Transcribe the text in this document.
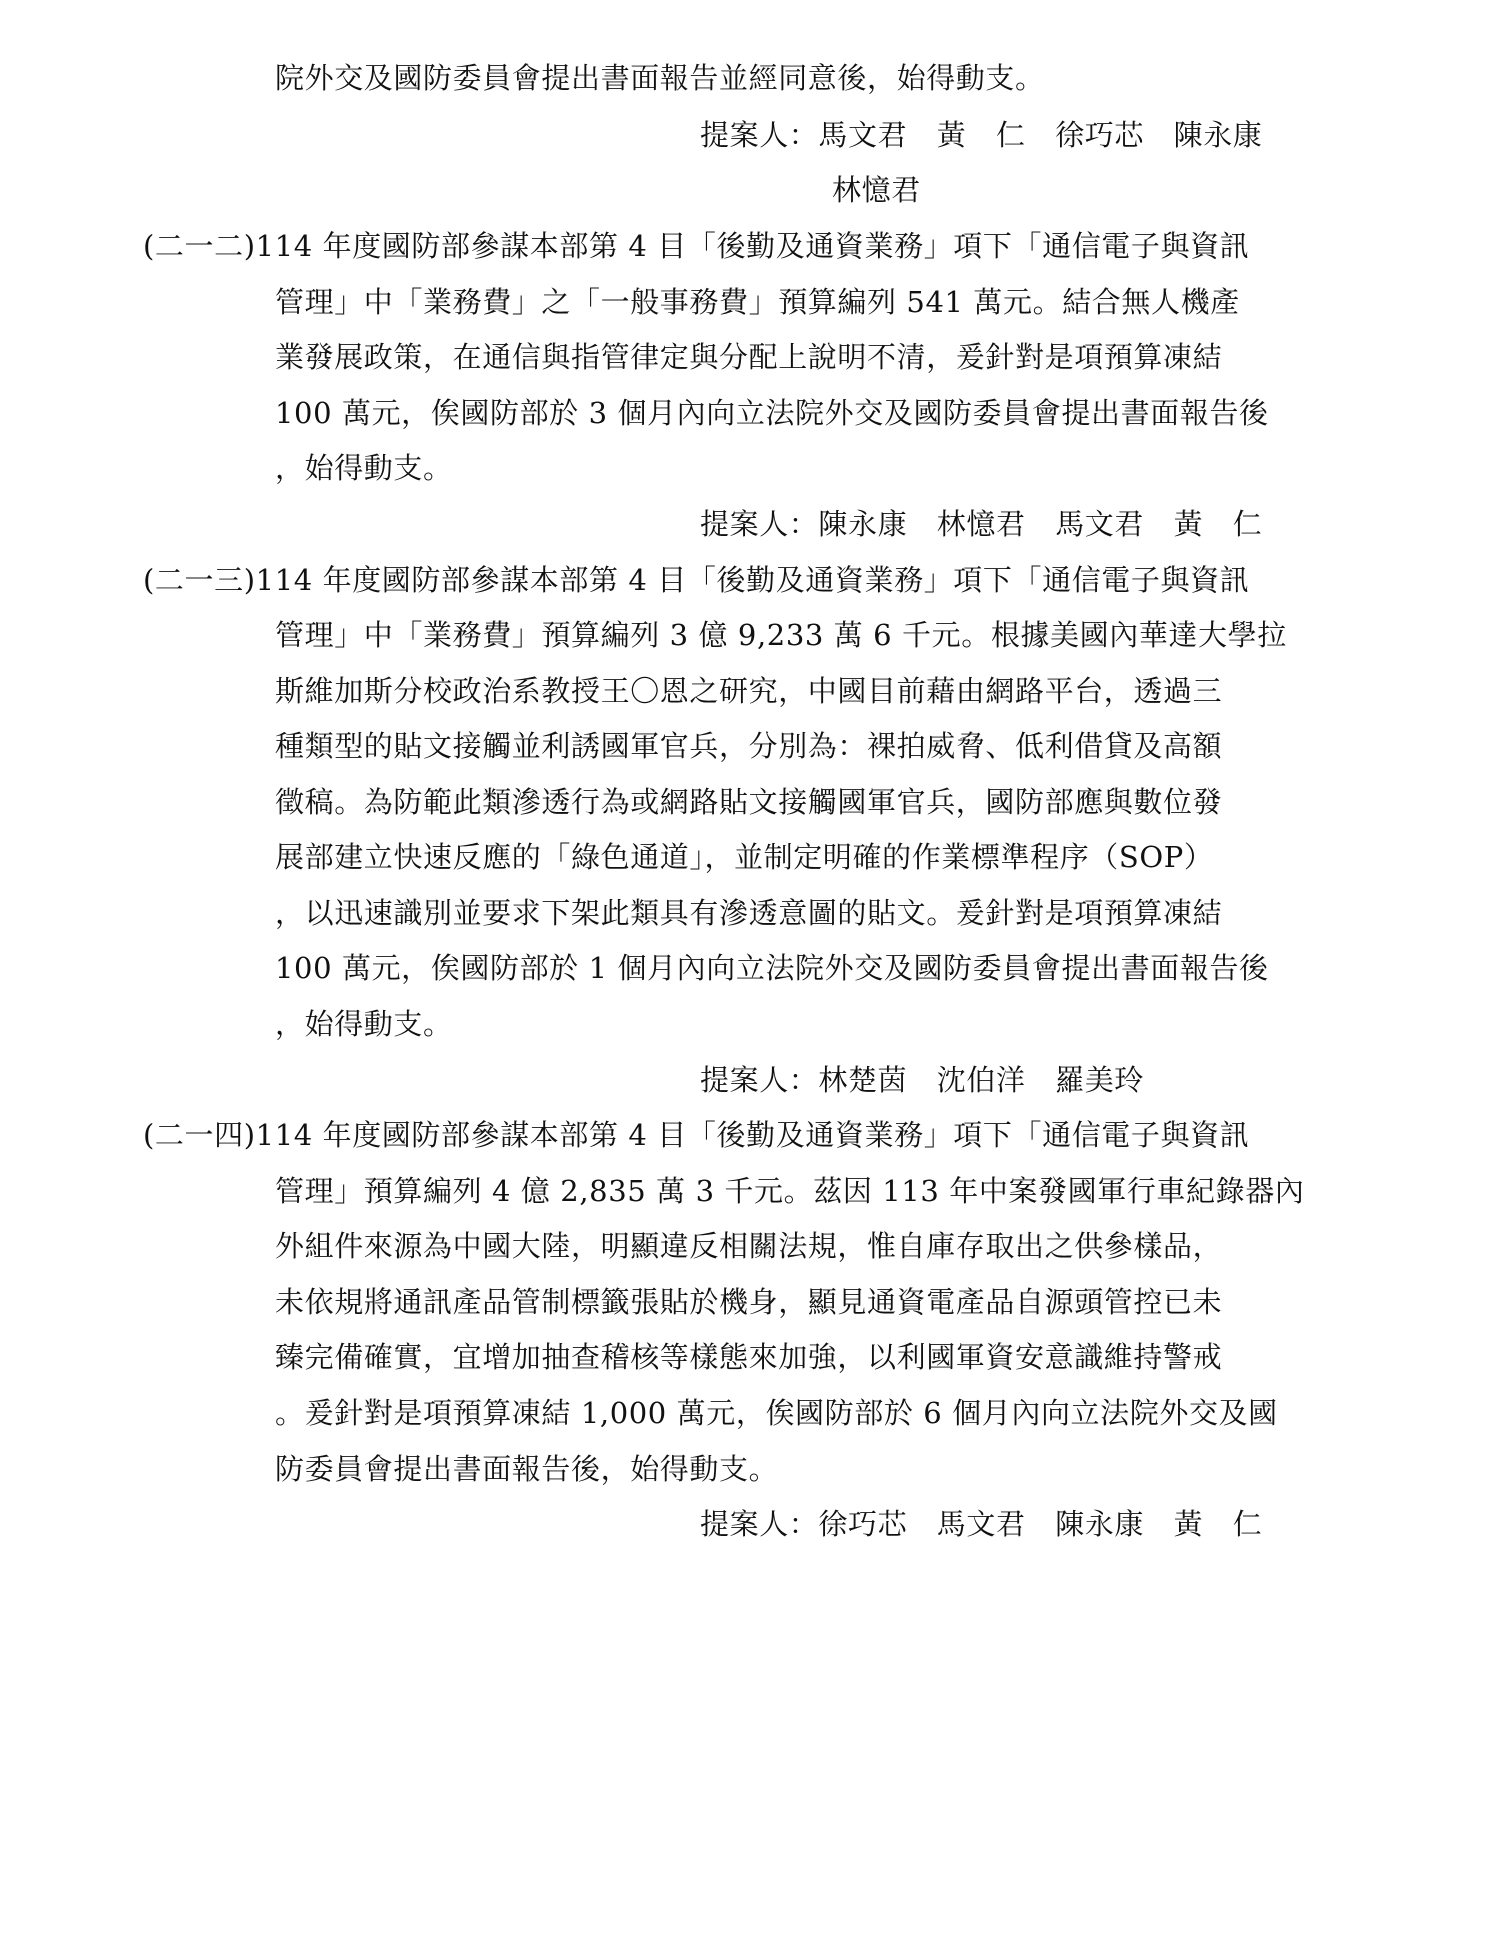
院外交及國防委員會提出書面報告並經同意後，始得動支。
提案人：馬文君　黃　仁　徐巧芯　陳永康
林憶君
(二一二)114 年度國防部參謀本部第 4 目「後勤及通資業務」項下「通信電子與資訊
管理」中「業務費」之「一般事務費」預算編列 541 萬元。結合無人機產
業發展政策，在通信與指管律定與分配上說明不清，爰針對是項預算凍結
100 萬元，俟國防部於 3 個月內向立法院外交及國防委員會提出書面報告後
，始得動支。
提案人：陳永康　林憶君　馬文君　黃　仁
(二一三)114 年度國防部參謀本部第 4 目「後勤及通資業務」項下「通信電子與資訊
管理」中「業務費」預算編列 3 億 9,233 萬 6 千元。根據美國內華達大學拉
斯維加斯分校政治系教授王〇恩之研究，中國目前藉由網路平台，透過三
種類型的貼文接觸並利誘國軍官兵，分別為：裸拍威脅、低利借貸及高額
徵稿。為防範此類滲透行為或網路貼文接觸國軍官兵，國防部應與數位發
展部建立快速反應的「綠色通道」，並制定明確的作業標準程序（SOP）
，以迅速識別並要求下架此類具有滲透意圖的貼文。爰針對是項預算凍結
100 萬元，俟國防部於 1 個月內向立法院外交及國防委員會提出書面報告後
，始得動支。
提案人：林楚茵　沈伯洋　羅美玲
(二一四)114 年度國防部參謀本部第 4 目「後勤及通資業務」項下「通信電子與資訊
管理」預算編列 4 億 2,835 萬 3 千元。茲因 113 年中案發國軍行車紀錄器內
外組件來源為中國大陸，明顯違反相關法規，惟自庫存取出之供參樣品，
未依規將通訊產品管制標籤張貼於機身，顯見通資電產品自源頭管控已未
臻完備確實，宜增加抽查稽核等樣態來加強，以利國軍資安意識維持警戒
。爰針對是項預算凍結 1,000 萬元，俟國防部於 6 個月內向立法院外交及國
防委員會提出書面報告後，始得動支。
提案人：徐巧芯　馬文君　陳永康　黃　仁
